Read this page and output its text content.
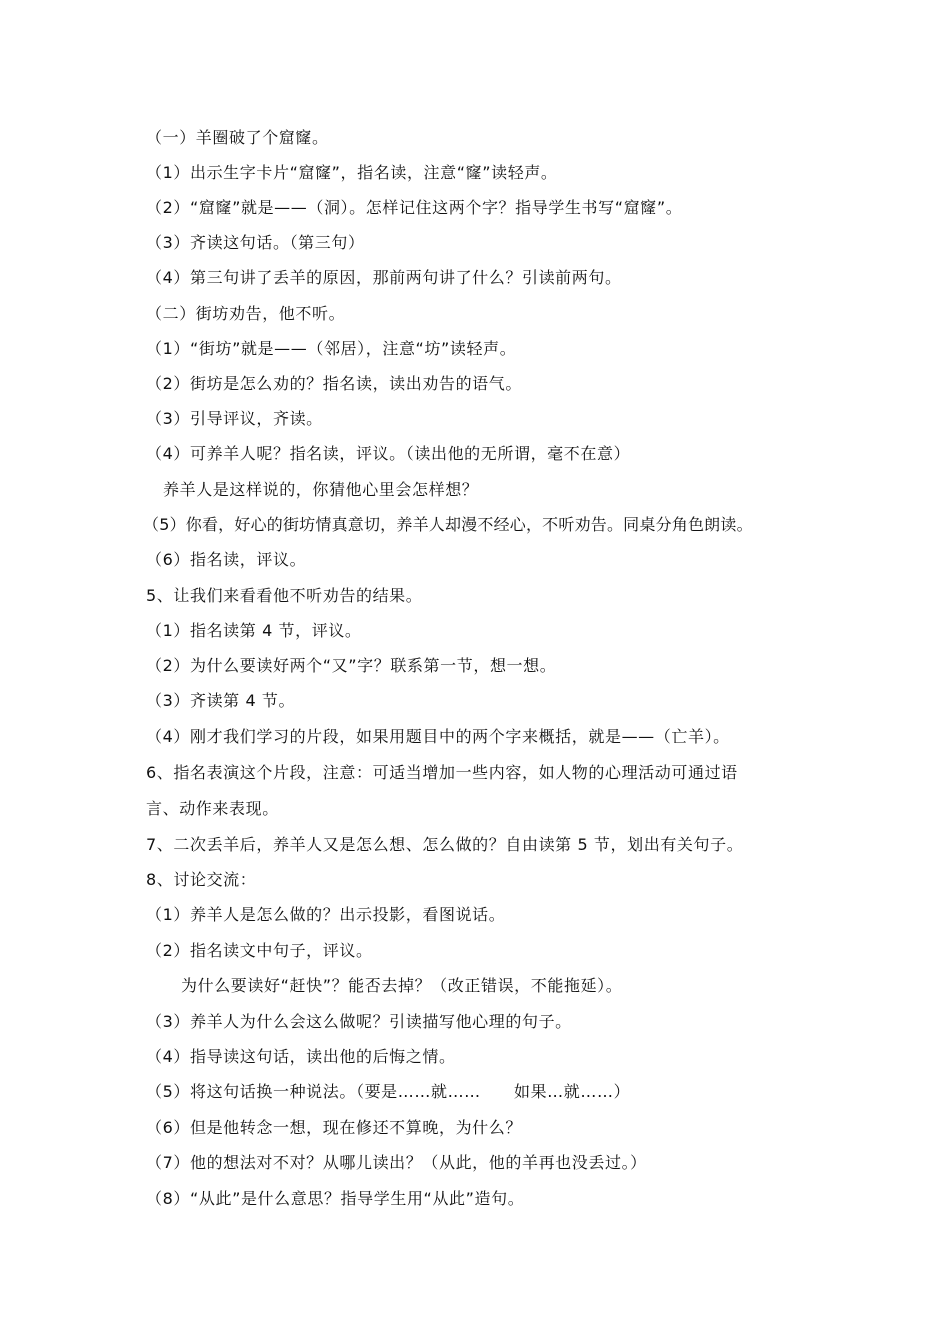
（一）羊圈破了个窟窿。
（1）出示生字卡片“窟窿”，指名读，注意“窿”读轻声。
（2）“窟窿”就是——（洞）。怎样记住这两个字？指导学生书写“窟窿”。
（3）齐读这句话。（第三句）
（4）第三句讲了丢羊的原因，那前两句讲了什么？引读前两句。
（二）街坊劝告，他不听。
（1）“街坊”就是——（邻居），注意“坊”读轻声。
（2）街坊是怎么劝的？指名读，读出劝告的语气。
（3）引导评议，齐读。
（4）可养羊人呢？指名读，评议。（读出他的无所谓，毫不在意）
养羊人是这样说的，你猜他心里会怎样想？
（5）你看，好心的街坊情真意切，养羊人却漫不经心，不听劝告。同桌分角色朗读。
（6）指名读，评议。
5、让我们来看看他不听劝告的结果。
（1）指名读第 4 节，评议。
（2）为什么要读好两个“又”字？联系第一节，想一想。
（3）齐读第 4 节。
（4）刚才我们学习的片段，如果用题目中的两个字来概括，就是——（亡羊）。
6、指名表演这个片段，注意：可适当增加一些内容，如人物的心理活动可通过语
言、动作来表现。
7、二次丢羊后，养羊人又是怎么想、怎么做的？自由读第 5 节，划出有关句子。
8、讨论交流：
（1）养羊人是怎么做的？出示投影，看图说话。
（2）指名读文中句子，评议。
为什么要读好“赶快”？能否去掉？（改正错误，不能拖延）。
（3）养羊人为什么会这么做呢？引读描写他心理的句子。
（4）指导读这句话，读出他的后悔之情。
（5）将这句话换一种说法。（要是……就……　　如果…就……）
（6）但是他转念一想，现在修还不算晚，为什么？
（7）他的想法对不对？从哪儿读出？（从此，他的羊再也没丢过。）
（8）“从此”是什么意思？指导学生用“从此”造句。
